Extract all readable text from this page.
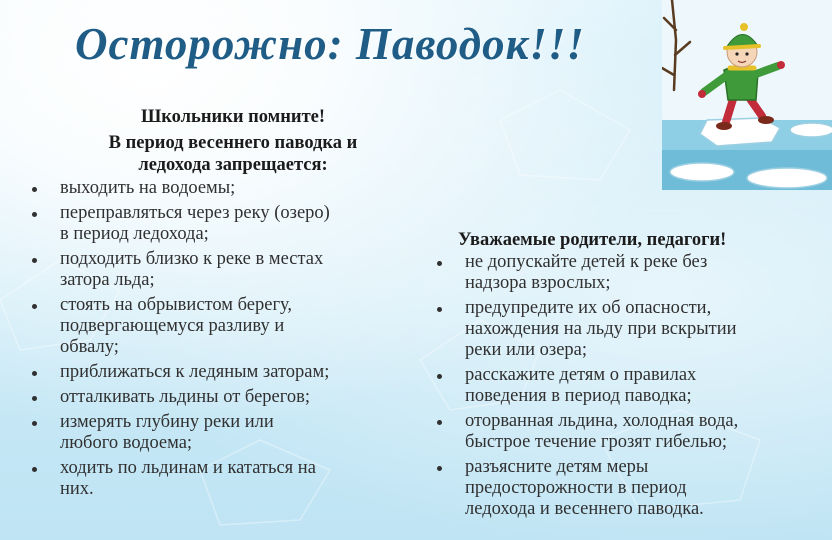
Осторожно: Паводок!!!
Школьники помните!
В период весеннего паводка и
ледохода запрещается:
выходить на водоемы;
переправляться через реку (озеро)
в период ледохода;
подходить близко к реке в местах
затора льда;
стоять на обрывистом берегу,
подвергающемуся разливу и
обвалу;
приближаться к ледяным заторам;
отталкивать льдины от берегов;
измерять глубину реки или
любого водоема;
ходить по льдинам и кататься на
них.
Уважаемые родители, педагоги!
не допускайте детей к реке без
надзора взрослых;
предупредите их об опасности,
нахождения на льду при вскрытии
реки или озера;
расскажите детям о правилах
поведения в период паводка;
оторванная льдина, холодная вода,
быстрое течение грозят гибелью;
разъясните детям меры
предосторожности в период
ледохода и весеннего паводка.
